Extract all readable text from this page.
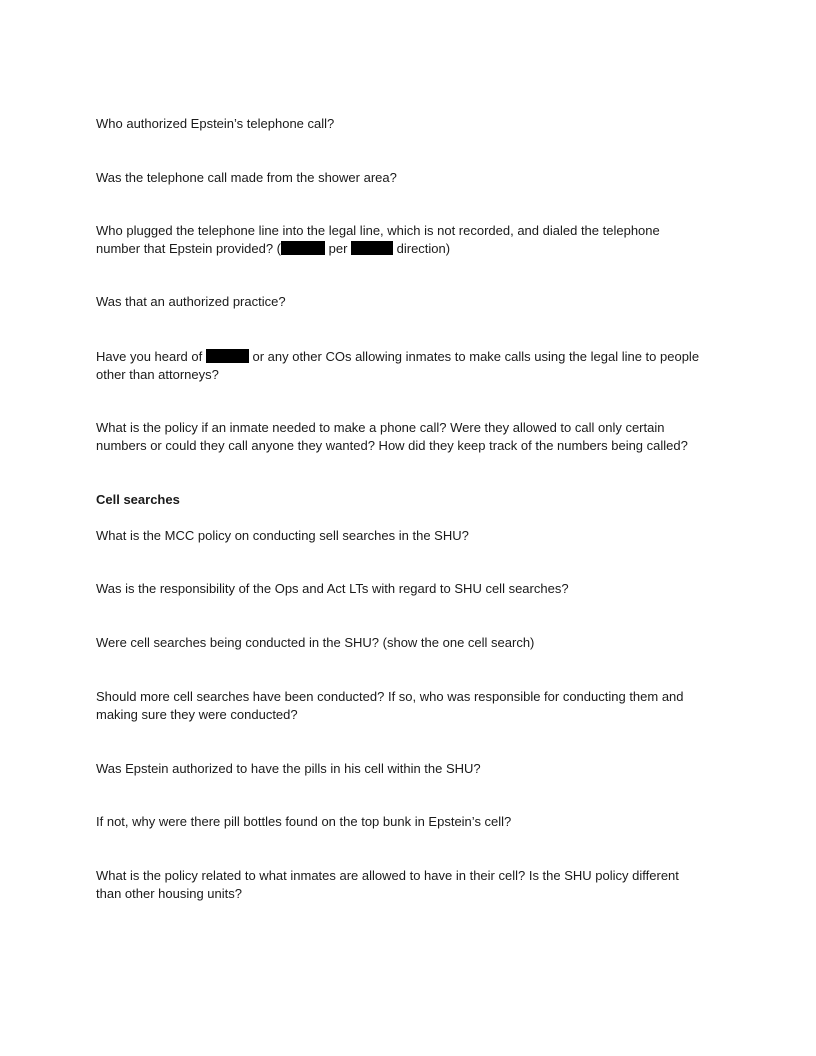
Who authorized Epstein’s telephone call?
Was the telephone call made from the shower area?
Who plugged the telephone line into the legal line, which is not recorded, and dialed the telephone
number that Epstein provided? (	per	direction)
Was that an authorized practice?
Have you heard of	or any other COs allowing inmates to make calls using the legal line to people
other than attorneys?
What is the policy if an inmate needed to make a phone call? Were they allowed to call only certain
numbers or could they call anyone they wanted? How did they keep track of the numbers being called?
Cell searches
What is the MCC policy on conducting sell searches in the SHU?
Was is the responsibility of the Ops and Act LTs with regard to SHU cell searches?
Were cell searches being conducted in the SHU? (show the one cell search)
Should more cell searches have been conducted? If so, who was responsible for conducting them and
making sure they were conducted?
Was Epstein authorized to have the pills in his cell within the SHU?
If not, why were there pill bottles found on the top bunk in Epstein’s cell?
What is the policy related to what inmates are allowed to have in their cell? Is the SHU policy different
than other housing units?
